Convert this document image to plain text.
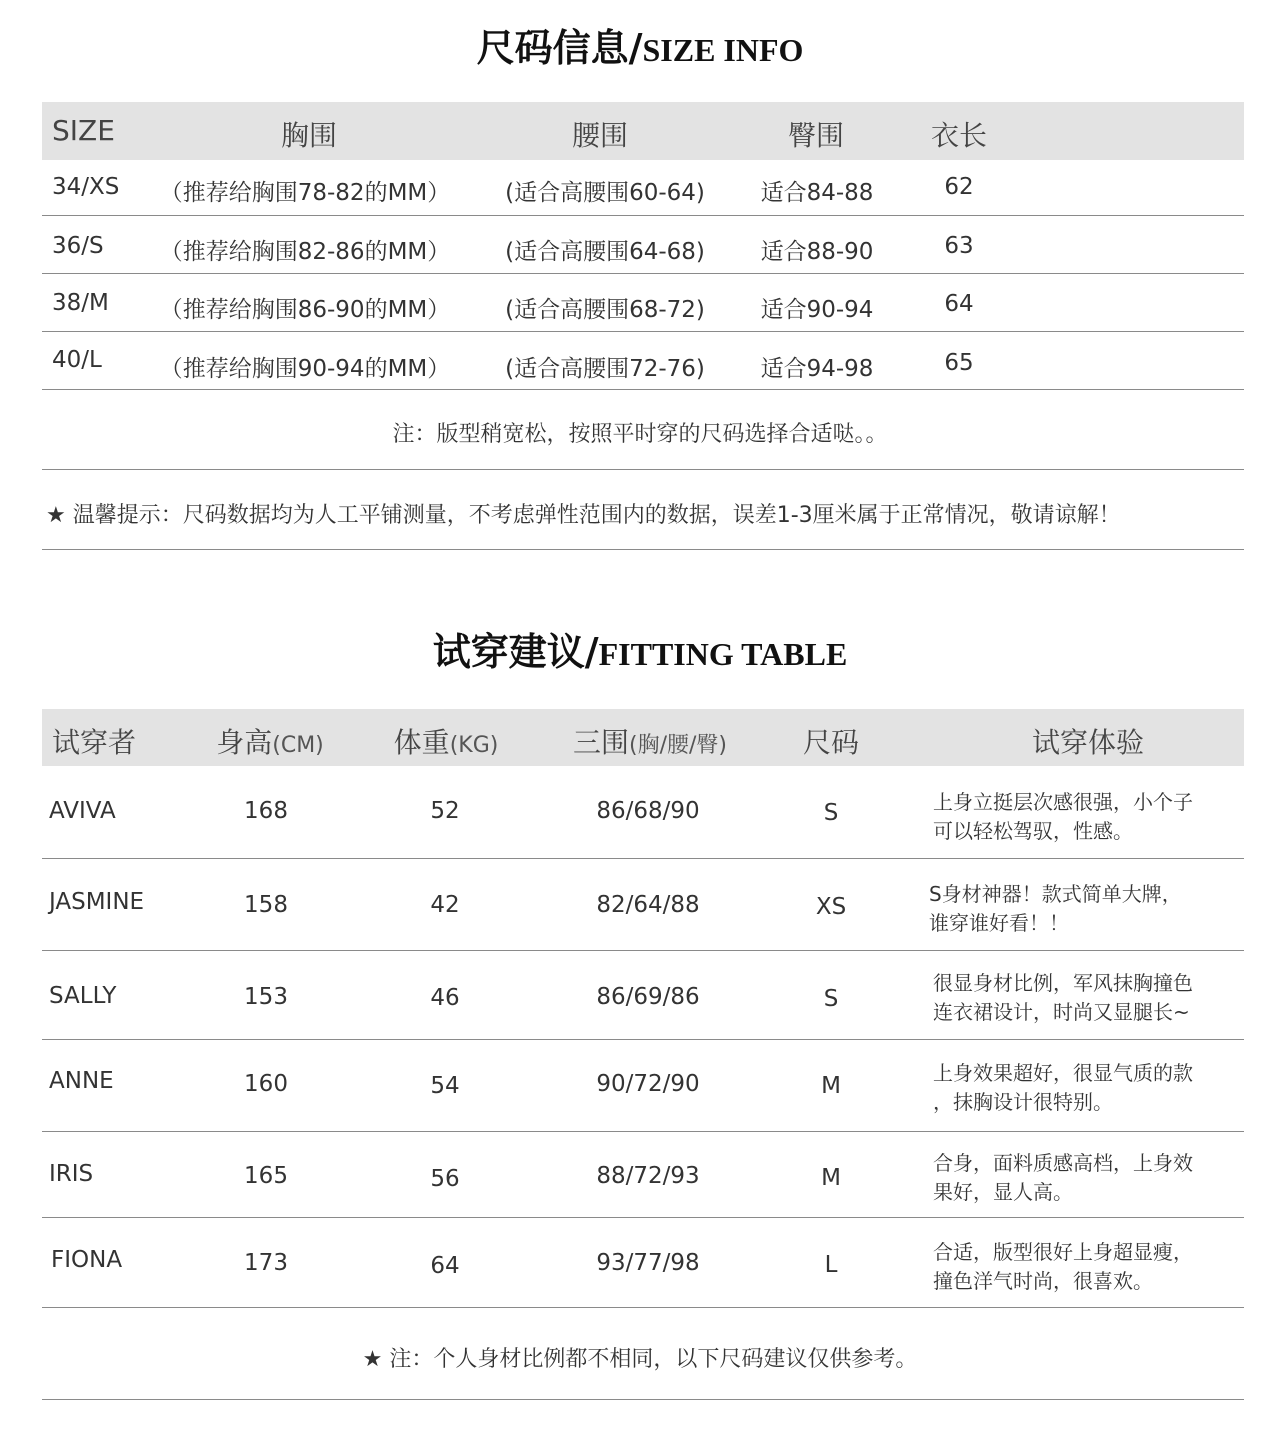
尺码信息/SIZE INFO
SIZE	胸围	腰围	臀围	衣长
34/XS （推荐给胸围78-82的MM） (适合高腰围60-64) 适合84-88	62
36/S （推荐给胸围82-86的MM） (适合高腰围64-68) 适合88-90	63
38/M （推荐给胸围86-90的MM） (适合高腰围68-72) 适合90-94	64
40/L	（推荐给胸围90-94的MM） (适合高腰围72-76) 适合94-98	65
注：版型稍宽松，按照平时穿的尺码选择合适哒。。
★ 温馨提示：尺码数据均为人工平铺测量，不考虑弹性范围内的数据，误差1-3厘米属于正常情况，敬请谅解！
试穿建议/FITTING TABLE
试穿者	身高(CM) 体重(KG)	三围(胸/腰/臀)	尺码	试穿体验
AVIVA	168	52	86/68/90	S	上身立挺层次感很强，小个子
可以轻松驾驭，性感。
JASMINE	158	42	82/64/88	XS	S身材神器！款式简单大牌，
谁穿谁好看！！
SALLY	153	46	86/69/86	S
很显身材比例，军风抹胸撞色
连衣裙设计，时尚又显腿长~
ANNE	160	54	90/72/90	M	上身效果超好，很显气质的款
，抹胸设计很特别。
IRIS	165	56	88/72/93	M
合身，面料质感高档，上身效
果好，显人高。
FIONA	173	64	93/77/98	L	合适，版型很好上身超显瘦，
撞色洋气时尚，很喜欢。
★ 注：个人身材比例都不相同，以下尺码建议仅供参考。
